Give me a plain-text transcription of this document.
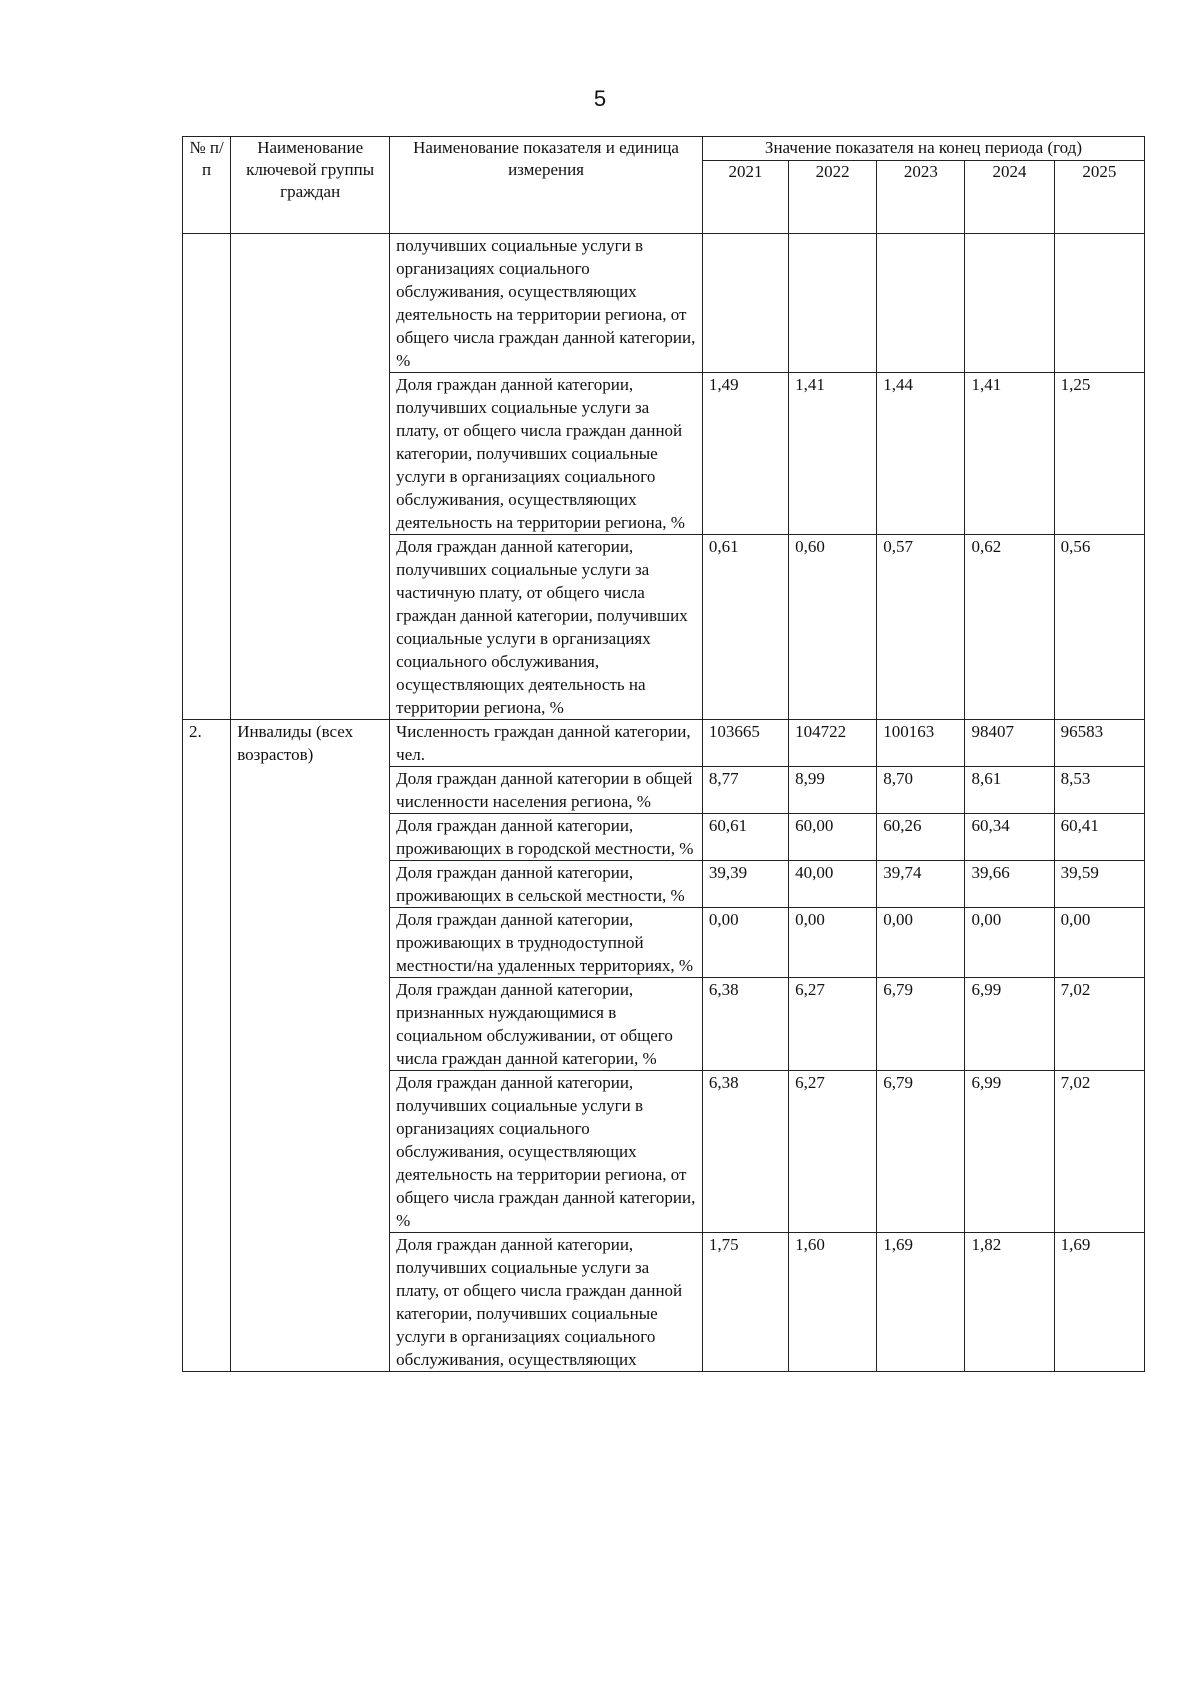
5
№ п/п	Наименование ключевой группы граждан	Наименование показателя и единица измерения	Значение показателя на конец периода (год)				
			2021	2022	2023	2024	2025
		получивших социальные услуги в организациях социального обслуживания, осуществляющих деятельность на территории региона, от общего числа граждан данной категории, %					
		Доля граждан данной категории, получивших социальные услуги за плату, от общего числа граждан данной категории, получивших социальные услуги в организациях социального обслуживания, осуществляющих деятельность на территории региона, %	1,49	1,41	1,44	1,41	1,25
		Доля граждан данной категории, получивших социальные услуги за частичную плату, от общего числа граждан данной категории, получивших социальные услуги в организациях социального обслуживания, осуществляющих деятельность на территории региона, %	0,61	0,60	0,57	0,62	0,56
2.	Инвалиды (всех возрастов)	Численность граждан данной категории, чел.	103665	104722	100163	98407	96583
		Доля граждан данной категории в общей численности населения региона, %	8,77	8,99	8,70	8,61	8,53
		Доля граждан данной категории, проживающих в городской местности, %	60,61	60,00	60,26	60,34	60,41
		Доля граждан данной категории, проживающих в сельской местности, %	39,39	40,00	39,74	39,66	39,59
		Доля граждан данной категории, проживающих в труднодоступной местности/на удаленных территориях, %	0,00	0,00	0,00	0,00	0,00
		Доля граждан данной категории, признанных нуждающимися в социальном обслуживании, от общего числа граждан данной категории, %	6,38	6,27	6,79	6,99	7,02
		Доля граждан данной категории, получивших социальные услуги в организациях социального обслуживания, осуществляющих деятельность на территории региона, от общего числа граждан данной категории, %	6,38	6,27	6,79	6,99	7,02
		Доля граждан данной категории, получивших социальные услуги за плату, от общего числа граждан данной категории, получивших социальные услуги в организациях социального обслуживания, осуществляющих	1,75	1,60	1,69	1,82	1,69
